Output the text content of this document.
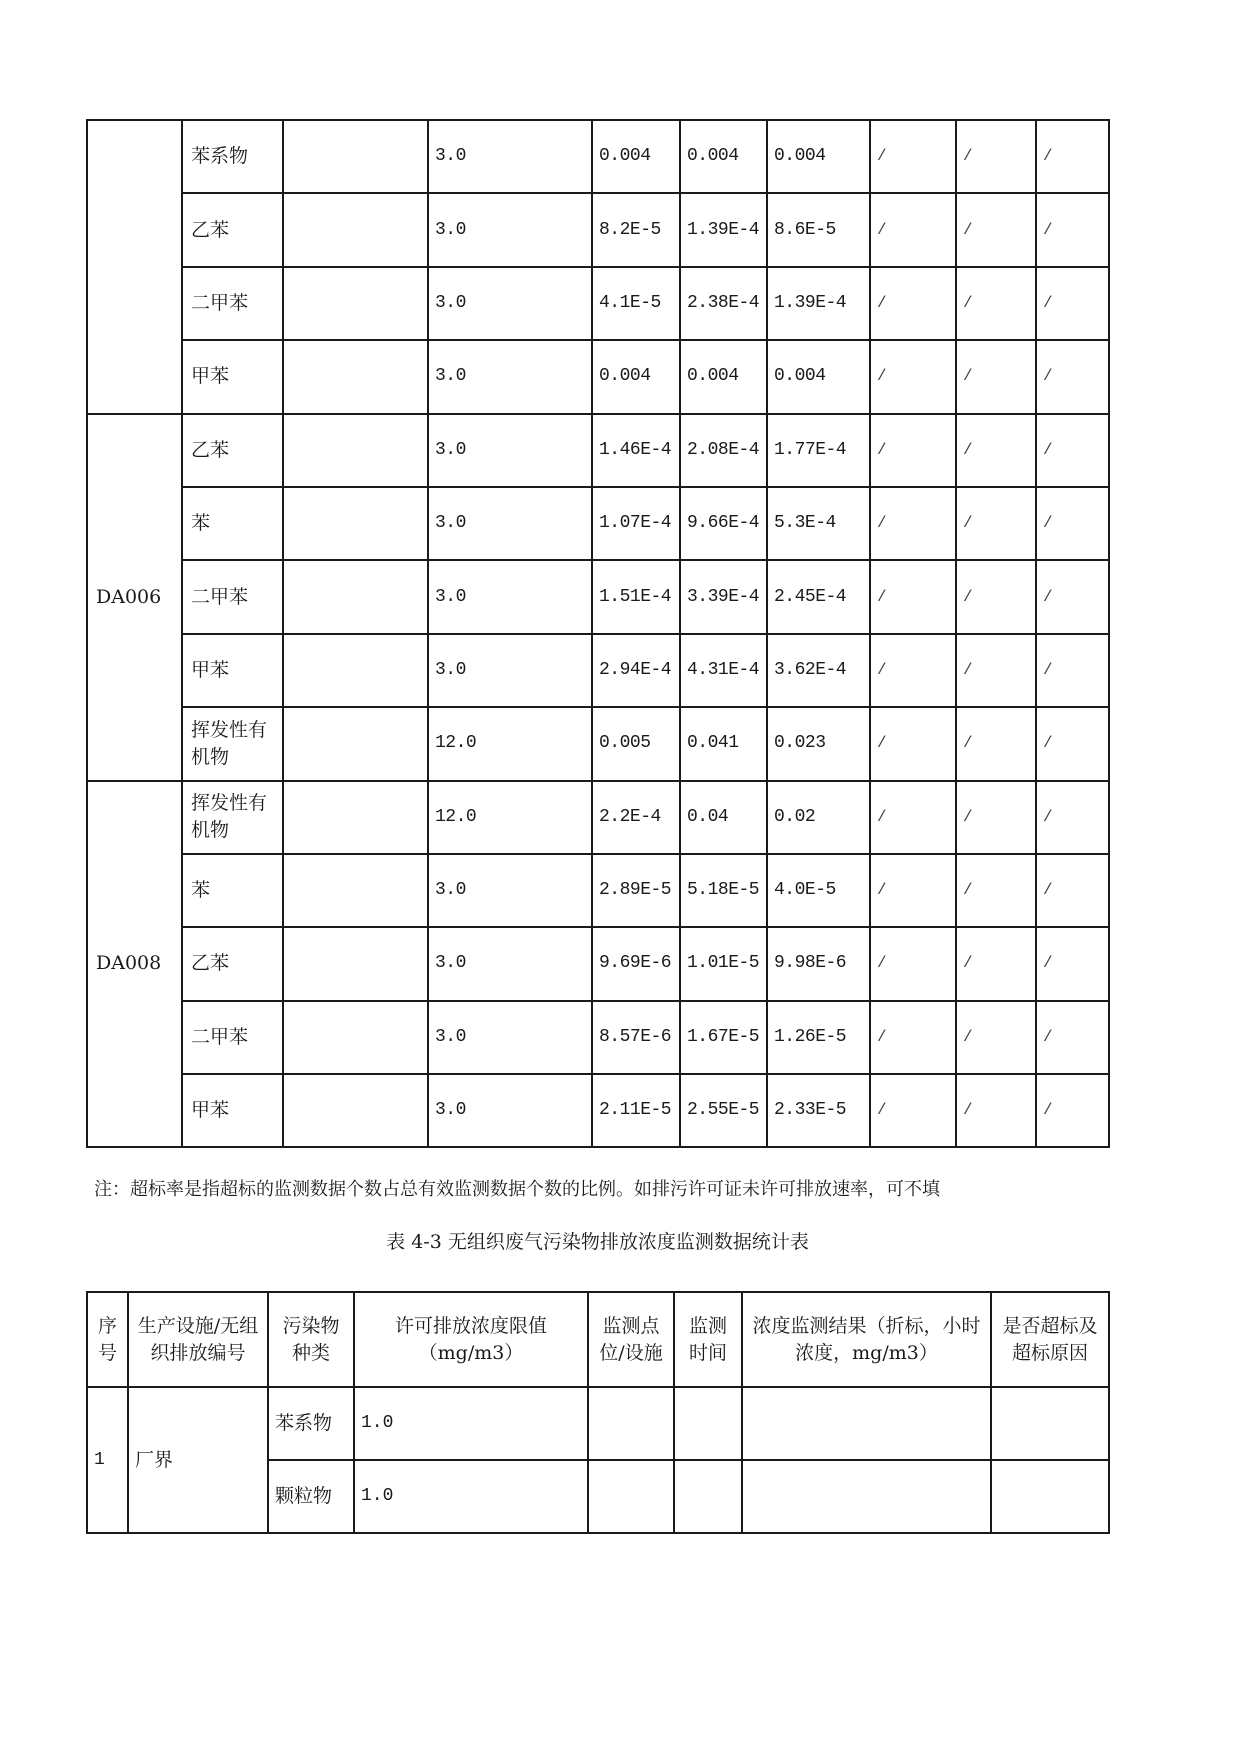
	苯系物		3.0	0.004	0.004	0.004	/	/	/
	乙苯		3.0	8.2E-5	1.39E-4	8.6E-5	/	/	/
	二甲苯		3.0	4.1E-5	2.38E-4	1.39E-4	/	/	/
	甲苯		3.0	0.004	0.004	0.004	/	/	/
DA006	乙苯		3.0	1.46E-4	2.08E-4	1.77E-4	/	/	/
	苯		3.0	1.07E-4	9.66E-4	5.3E-4	/	/	/
	二甲苯		3.0	1.51E-4	3.39E-4	2.45E-4	/	/	/
	甲苯		3.0	2.94E-4	4.31E-4	3.62E-4	/	/	/
	挥发性有机物		12.0	0.005	0.041	0.023	/	/	/
DA008	挥发性有机物		12.0	2.2E-4	0.04	0.02	/	/	/
	苯		3.0	2.89E-5	5.18E-5	4.0E-5	/	/	/
	乙苯		3.0	9.69E-6	1.01E-5	9.98E-6	/	/	/
	二甲苯		3.0	8.57E-6	1.67E-5	1.26E-5	/	/	/
	甲苯		3.0	2.11E-5	2.55E-5	2.33E-5	/	/	/
注：超标率是指超标的监测数据个数占总有效监测数据个数的比例。如排污许可证未许可排放速率，可不填
表 4-3 无组织废气污染物排放浓度监测数据统计表
序号	生产设施/无组织排放编号	污染物种类	许可排放浓度限值（mg/m3）	监测点位/设施	监测时间	浓度监测结果（折标，小时浓度，mg/m3）	是否超标及超标原因
1	厂界	苯系物	1.0				
		颗粒物	1.0				
